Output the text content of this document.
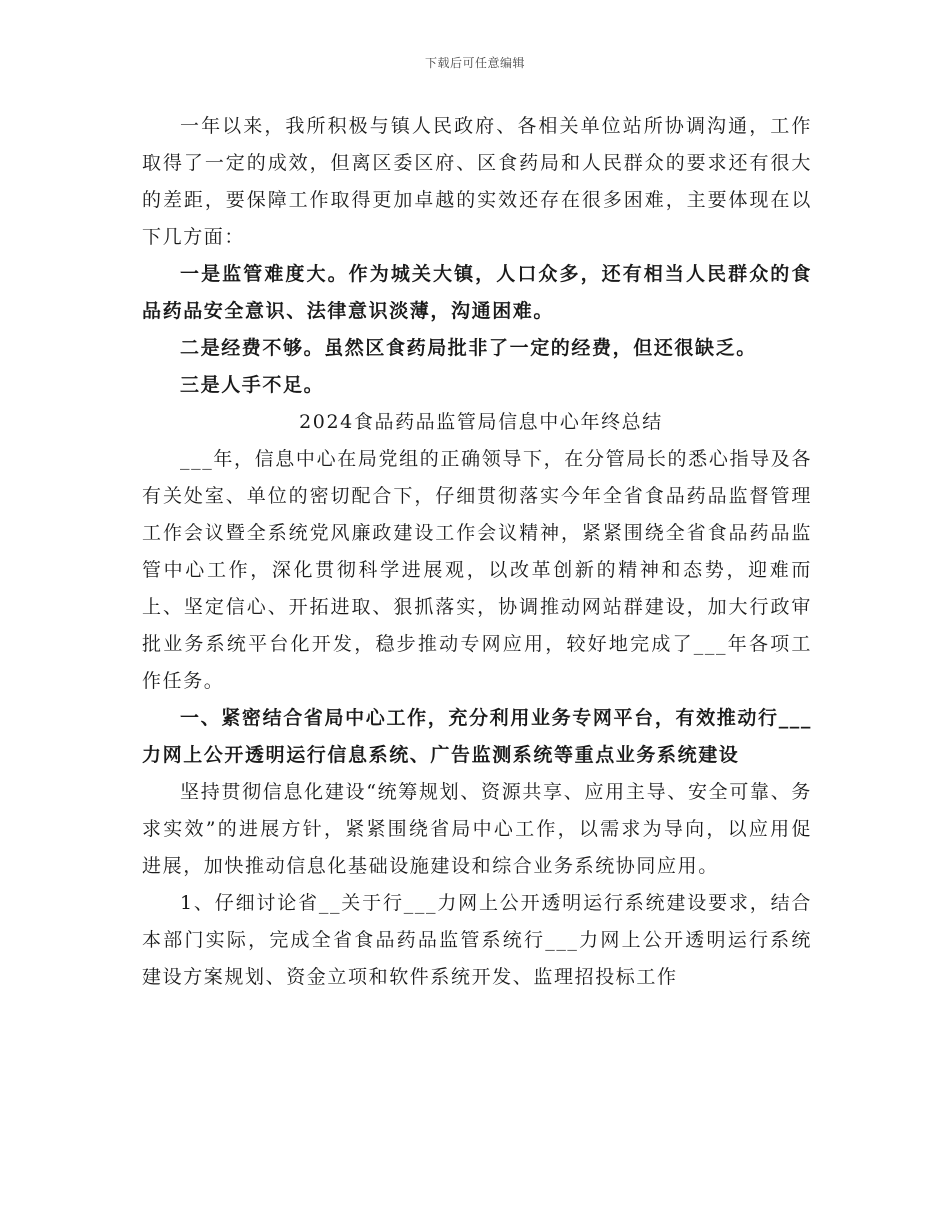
下载后可任意编辑

一年以来，我所积极与镇人民政府、各相关单位站所协调沟通，工作取得了一定的成效，但离区委区府、区食药局和人民群众的要求还有很大的差距，要保障工作取得更加卓越的实效还存在很多困难，主要体现在以下几方面：

一是监管难度大。作为城关大镇，人口众多，还有相当人民群众的食品药品安全意识、法律意识淡薄，沟通困难。

二是经费不够。虽然区食药局批非了一定的经费，但还很缺乏。

三是人手不足。

2024食品药品监管局信息中心年终总结

___年，信息中心在局党组的正确领导下，在分管局长的悉心指导及各有关处室、单位的密切配合下，仔细贯彻落实今年全省食品药品监督管理工作会议暨全系统党风廉政建设工作会议精神，紧紧围绕全省食品药品监管中心工作，深化贯彻科学进展观，以改革创新的精神和态势，迎难而上、坚定信心、开拓进取、狠抓落实，协调推动网站群建设，加大行政审批业务系统平台化开发，稳步推动专网应用，较好地完成了___年各项工作任务。

一、紧密结合省局中心工作，充分利用业务专网平台，有效推动行___力网上公开透明运行信息系统、广告监测系统等重点业务系统建设

坚持贯彻信息化建设“统筹规划、资源共享、应用主导、安全可靠、务求实效”的进展方针，紧紧围绕省局中心工作，以需求为导向，以应用促进展，加快推动信息化基础设施建设和综合业务系统协同应用。

1、仔细讨论省__关于行___力网上公开透明运行系统建设要求，结合本部门实际，完成全省食品药品监管系统行___力网上公开透明运行系统建设方案规划、资金立项和软件系统开发、监理招投标工作
